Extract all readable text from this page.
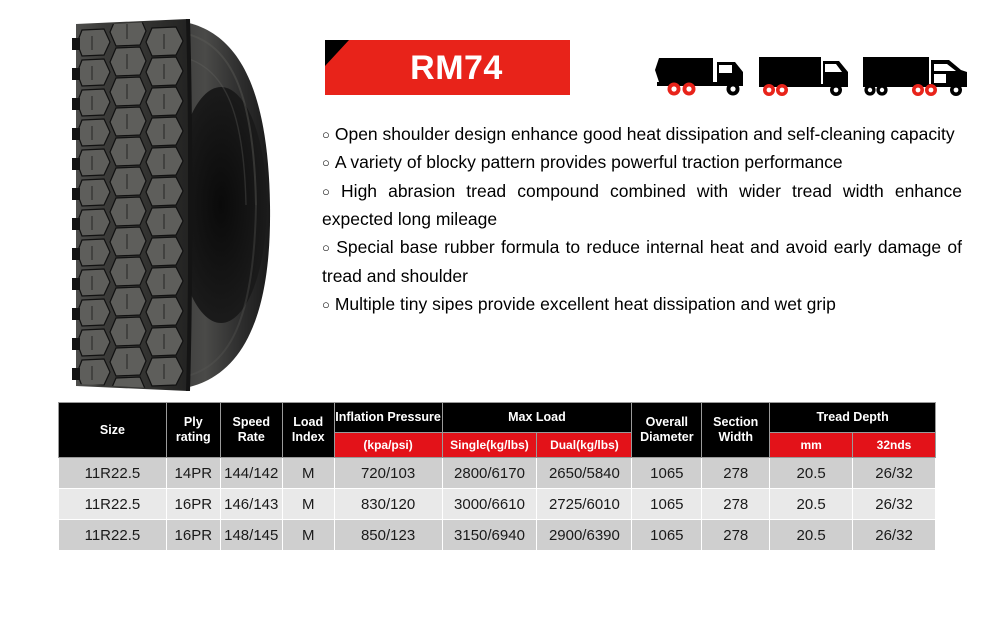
RM74

○ Open shoulder design enhance good heat dissipation and self-cleaning capacity

○ A variety of blocky pattern provides powerful traction performance

○ High abrasion tread compound combined with wider tread width enhance expected long mileage

○ Special base rubber formula to reduce internal heat and avoid early damage of tread and shoulder

○ Multiple tiny sipes provide excellent heat dissipation and wet grip

Size	Ply rating	Speed Rate	Load Index	Inflation Pressure	Max Load		Overall Diameter	Section Width	Tread Depth	
				(kpa/psi)	Single(kg/lbs)	Dual(kg/lbs)			mm	32nds
11R22.5	14PR	144/142	M	720/103	2800/6170	2650/5840	1065	278	20.5	26/32
11R22.5	16PR	146/143	M	830/120	3000/6610	2725/6010	1065	278	20.5	26/32
11R22.5	16PR	148/145	M	850/123	3150/6940	2900/6390	1065	278	20.5	26/32
